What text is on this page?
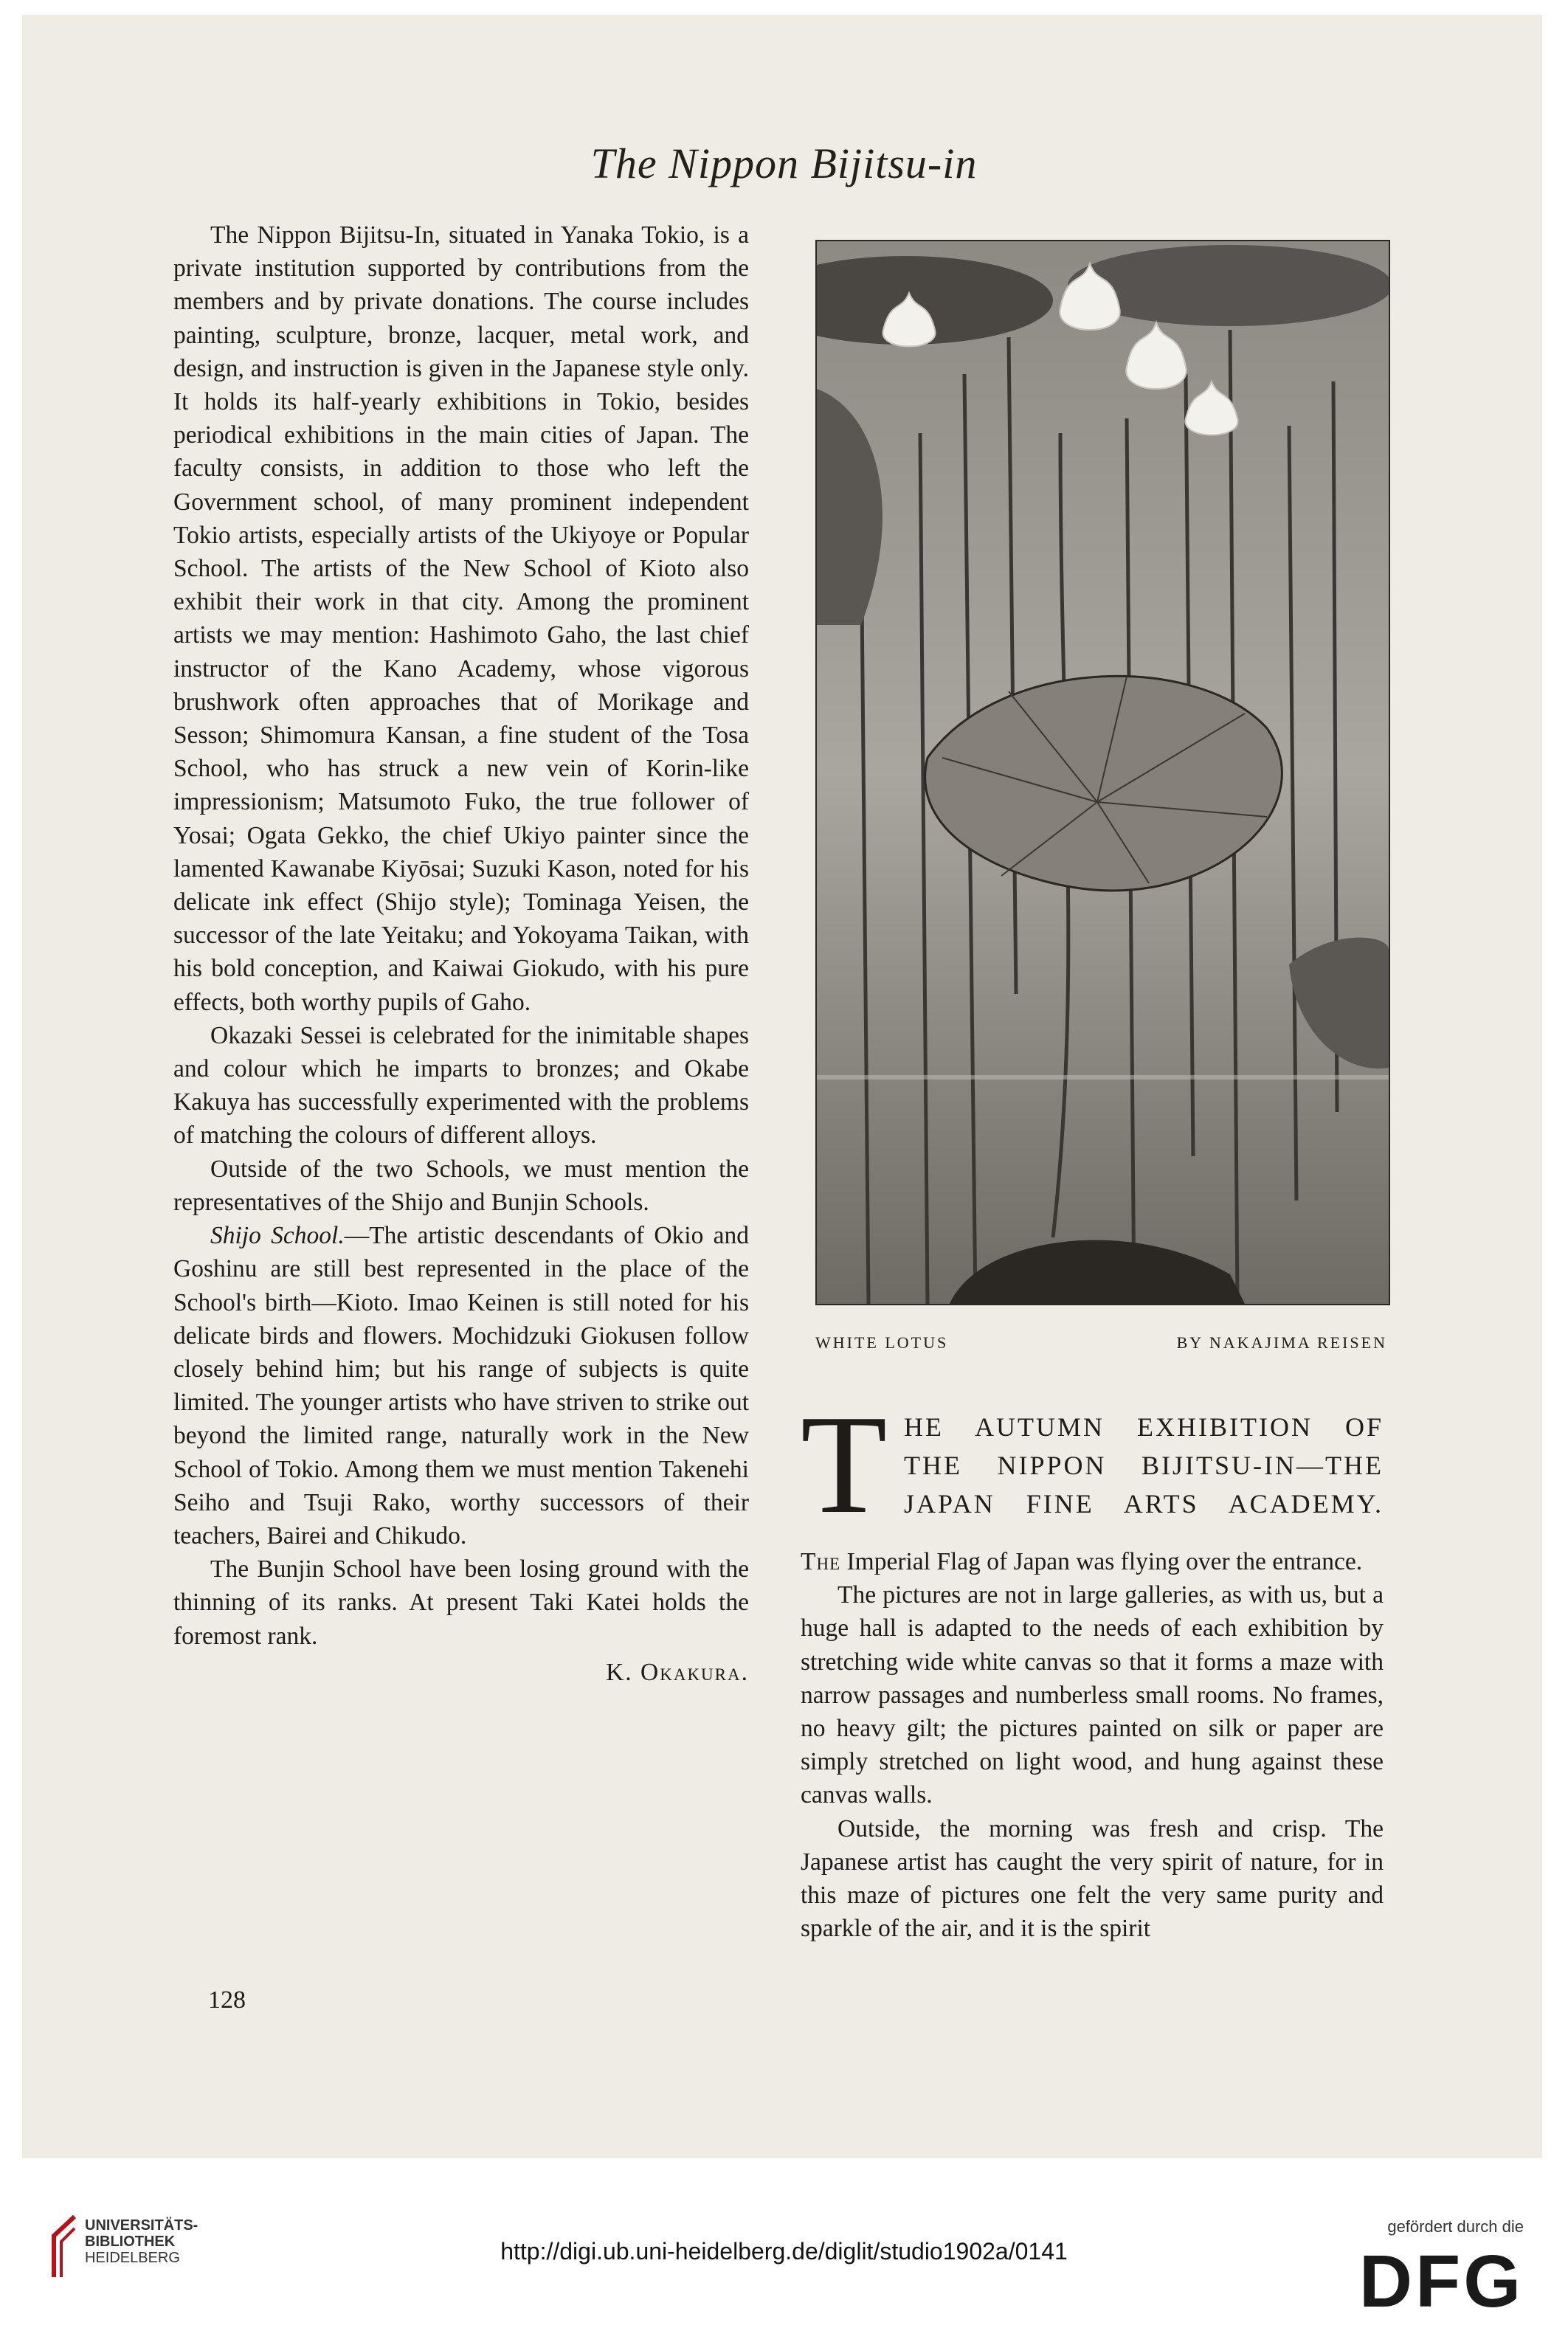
The Nippon Bijitsu-in

The Nippon Bijitsu-In, situated in Yanaka Tokio, is a private institution supported by contributions from the members and by private donations. The course includes painting, sculpture, bronze, lacquer, metal work, and design, and instruction is given in the Japanese style only. It holds its half-yearly exhibitions in Tokio, besides periodical exhibitions in the main cities of Japan. The faculty consists, in addition to those who left the Government school, of many prominent independent Tokio artists, especially artists of the Ukiyoye or Popular School. The artists of the New School of Kioto also exhibit their work in that city. Among the prominent artists we may mention: Hashimoto Gaho, the last chief instructor of the Kano Academy, whose vigorous brushwork often approaches that of Morikage and Sesson; Shimomura Kansan, a fine student of the Tosa School, who has struck a new vein of Korin-like impressionism; Matsumoto Fuko, the true follower of Yosai; Ogata Gekko, the chief Ukiyo painter since the lamented Kawanabe Kiyōsai; Suzuki Kason, noted for his delicate ink effect (Shijo style); Tominaga Yeisen, the successor of the late Yeitaku; and Yokoyama Taikan, with his bold conception, and Kaiwai Giokudo, with his pure effects, both worthy pupils of Gaho.

Okazaki Sessei is celebrated for the inimitable shapes and colour which he imparts to bronzes; and Okabe Kakuya has successfully experimented with the problems of matching the colours of different alloys.

Outside of the two Schools, we must mention the representatives of the Shijo and Bunjin Schools.

Shijo School.—The artistic descendants of Okio and Goshinu are still best represented in the place of the School's birth—Kioto. Imao Keinen is still noted for his delicate birds and flowers. Mochidzuki Giokusen follow closely behind him; but his range of subjects is quite limited. The younger artists who have striven to strike out beyond the limited range, naturally work in the New School of Tokio. Among them we must mention Takenehi Seiho and Tsuji Rako, worthy successors of their teachers, Bairei and Chikudo.

The Bunjin School have been losing ground with the thinning of its ranks. At present Taki Katei holds the foremost rank.

K. Okakura.

128
WHITE LOTUS	BY NAKAJIMA REISEN
T HE AUTUMN EXHIBITION OF
THE NIPPON BIJITSU-IN—THE
JAPAN FINE ARTS ACADEMY.

The Imperial Flag of Japan was flying over the entrance.

The pictures are not in large galleries, as with us, but a huge hall is adapted to the needs of each exhibition by stretching wide white canvas so that it forms a maze with narrow passages and numberless small rooms. No frames, no heavy gilt; the pictures painted on silk or paper are simply stretched on light wood, and hung against these canvas walls.

Outside, the morning was fresh and crisp. The Japanese artist has caught the very spirit of nature, for in this maze of pictures one felt the very same purity and sparkle of the air, and it is the spirit

UNIVERSITÄTS-
BIBLIOTHEK
HEIDELBERG	http://digi.ub.uni-heidelberg.de/diglit/studio1902a/0141
gefördert durch die
DFG
